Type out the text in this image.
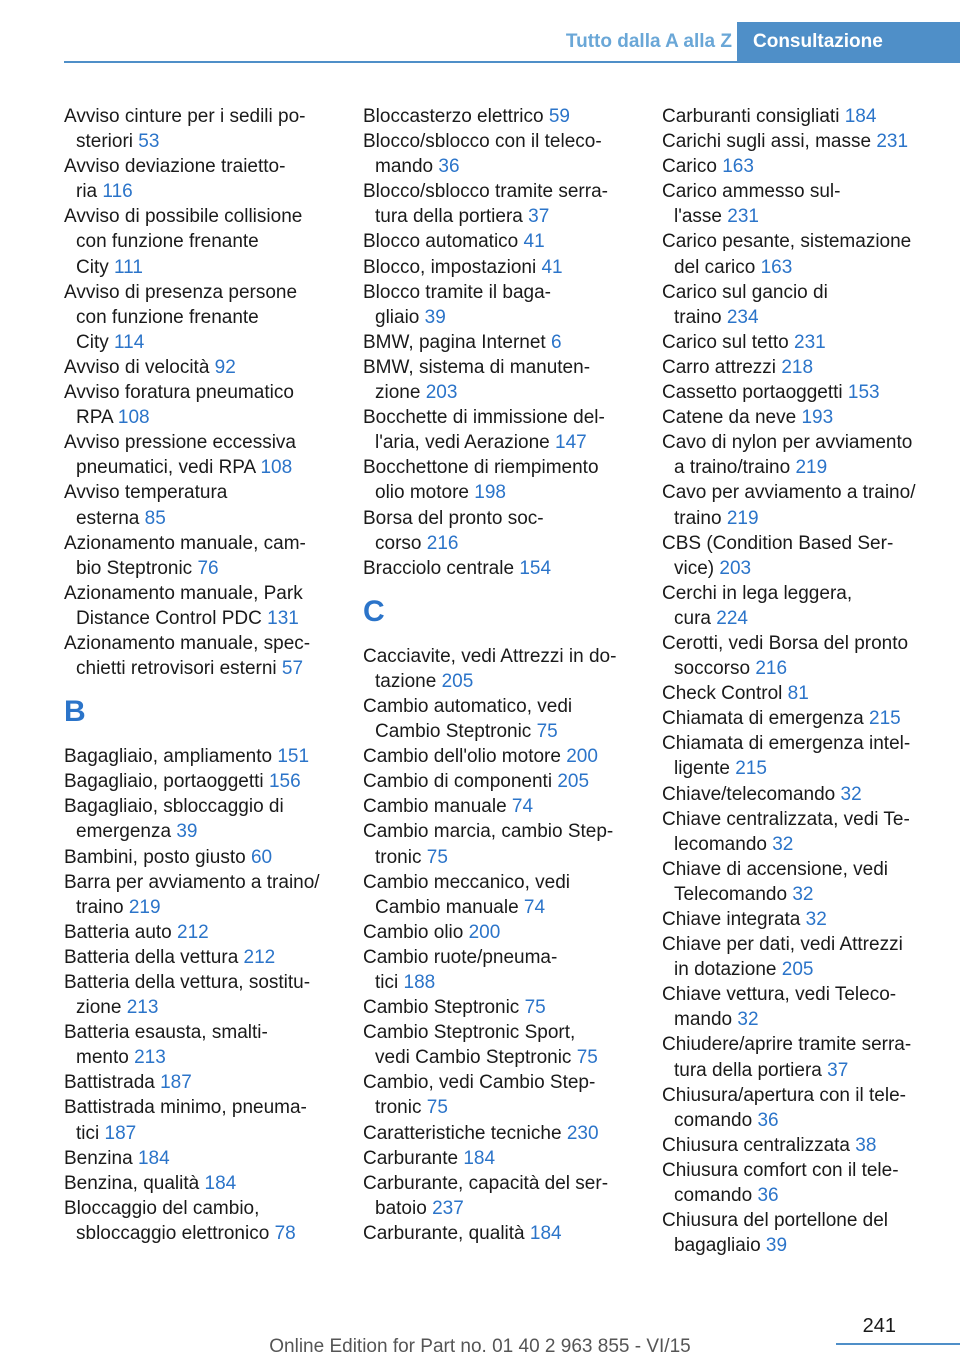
Tutto dalla A alla Z	Consultazione
Avviso cinture per i sedili po-
steriori 53
Avviso deviazione traietto-
ria 116
Avviso di possibile collisione
con funzione frenante
City 111
Avviso di presenza persone
con funzione frenante
City 114
Avviso di velocità 92
Avviso foratura pneumatico
RPA 108
Avviso pressione eccessiva
pneumatici, vedi RPA 108
Avviso temperatura
esterna 85
Azionamento manuale, cam-
bio Steptronic 76
Azionamento manuale, Park
Distance Control PDC 131
Azionamento manuale, spec-
chietti retrovisori esterni 57
B
Bagagliaio, ampliamento 151
Bagagliaio, portaoggetti 156
Bagagliaio, sbloccaggio di
emergenza 39
Bambini, posto giusto 60
Barra per avviamento a traino/
traino 219
Batteria auto 212
Batteria della vettura 212
Batteria della vettura, sostitu-
zione 213
Batteria esausta, smalti-
mento 213
Battistrada 187
Battistrada minimo, pneuma-
tici 187
Benzina 184
Benzina, qualità 184
Bloccaggio del cambio,
sbloccaggio elettronico 78
Bloccasterzo elettrico 59
Blocco/sblocco con il teleco-
mando 36
Blocco/sblocco tramite serra-
tura della portiera 37
Blocco automatico 41
Blocco, impostazioni 41
Blocco tramite il baga-
gliaio 39
BMW, pagina Internet 6
BMW, sistema di manuten-
zione 203
Bocchette di immissione del-
l'aria, vedi Aerazione 147
Bocchettone di riempimento
olio motore 198
Borsa del pronto soc-
corso 216
Bracciolo centrale 154
C
Cacciavite, vedi Attrezzi in do-
tazione 205
Cambio automatico, vedi
Cambio Steptronic 75
Cambio dell'olio motore 200
Cambio di componenti 205
Cambio manuale 74
Cambio marcia, cambio Step-
tronic 75
Cambio meccanico, vedi
Cambio manuale 74
Cambio olio 200
Cambio ruote/pneuma-
tici 188
Cambio Steptronic 75
Cambio Steptronic Sport,
vedi Cambio Steptronic 75
Cambio, vedi Cambio Step-
tronic 75
Caratteristiche tecniche 230
Carburante 184
Carburante, capacità del ser-
batoio 237
Carburante, qualità 184
Carburanti consigliati 184
Carichi sugli assi, masse 231
Carico 163
Carico ammesso sul-
l'asse 231
Carico pesante, sistemazione
del carico 163
Carico sul gancio di
traino 234
Carico sul tetto 231
Carro attrezzi 218
Cassetto portaoggetti 153
Catene da neve 193
Cavo di nylon per avviamento
a traino/traino 219
Cavo per avviamento a traino/
traino 219
CBS (Condition Based Ser-
vice) 203
Cerchi in lega leggera,
cura 224
Cerotti, vedi Borsa del pronto
soccorso 216
Check Control 81
Chiamata di emergenza 215
Chiamata di emergenza intel-
ligente 215
Chiave/telecomando 32
Chiave centralizzata, vedi Te-
lecomando 32
Chiave di accensione, vedi
Telecomando 32
Chiave integrata 32
Chiave per dati, vedi Attrezzi
in dotazione 205
Chiave vettura, vedi Teleco-
mando 32
Chiudere/aprire tramite serra-
tura della portiera 37
Chiusura/apertura con il tele-
comando 36
Chiusura centralizzata 38
Chiusura comfort con il tele-
comando 36
Chiusura del portellone del
bagagliaio 39
241
Online Edition for Part no. 01 40 2 963 855 - VI/15
